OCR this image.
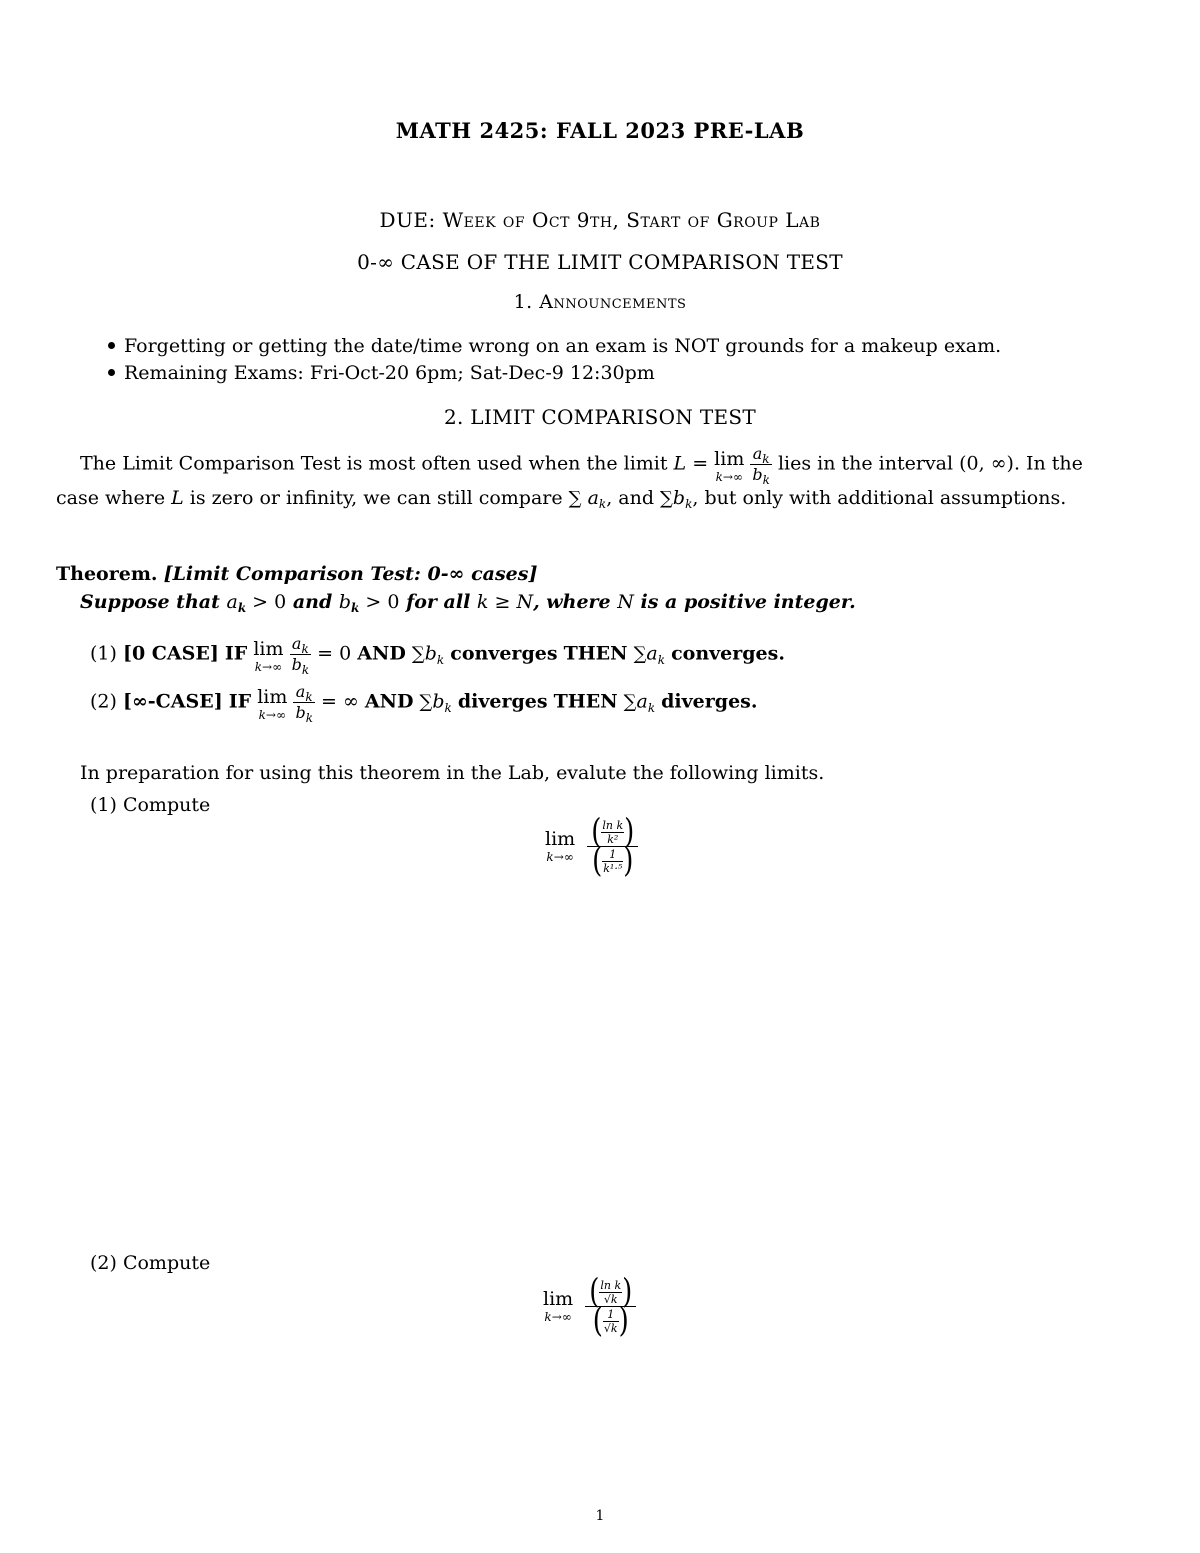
MATH 2425: FALL 2023 PRE-LAB
DUE: Week of Oct 9th, Start of Group Lab
0-∞ CASE OF THE LIMIT COMPARISON TEST
1. Announcements
Forgetting or getting the date/time wrong on an exam is NOT grounds for a makeup exam.
Remaining Exams: Fri-Oct-20 6pm; Sat-Dec-9 12:30pm
2. LIMIT COMPARISON TEST
The Limit Comparison Test is most often used when the limit L = lim
k→∞
$\frac{a_k}{b_k}$ lies in the interval (0, ∞). In the
case where L is zero or infinity, we can still compare ∑ $a_k$, and $\sum b_k$, but only with additional assumptions.
Theorem. [Limit Comparison Test: 0-∞ cases]
Suppose that $a_k > 0$ and $b_k > 0$ for all k ≥ N, where N is a positive integer.
(1) [0 CASE] IF lim
k→∞
$\frac{a_k}{b_k} = 0$ AND $\sum b_k$ converges THEN $\sum a_k$ converges.
(2) [∞-CASE] IF lim
k→∞
$\frac{a_k}{b_k}$ = ∞ AND $\sum b_k$ diverges THEN $\sum a_k$ diverges.
In preparation for using this theorem in the Lab, evalute the following limits.
(1) Compute
lim
k→∞
$\frac{( \frac{\text{ln k}}{\text{k²}} )}{( \frac{1}{\text{k¹·⁵}} )}$
(2) Compute
lim
k→∞
$\frac{( \frac{\text{ln k}}{√k} )}{( \frac{1}{√k} )}$
1
